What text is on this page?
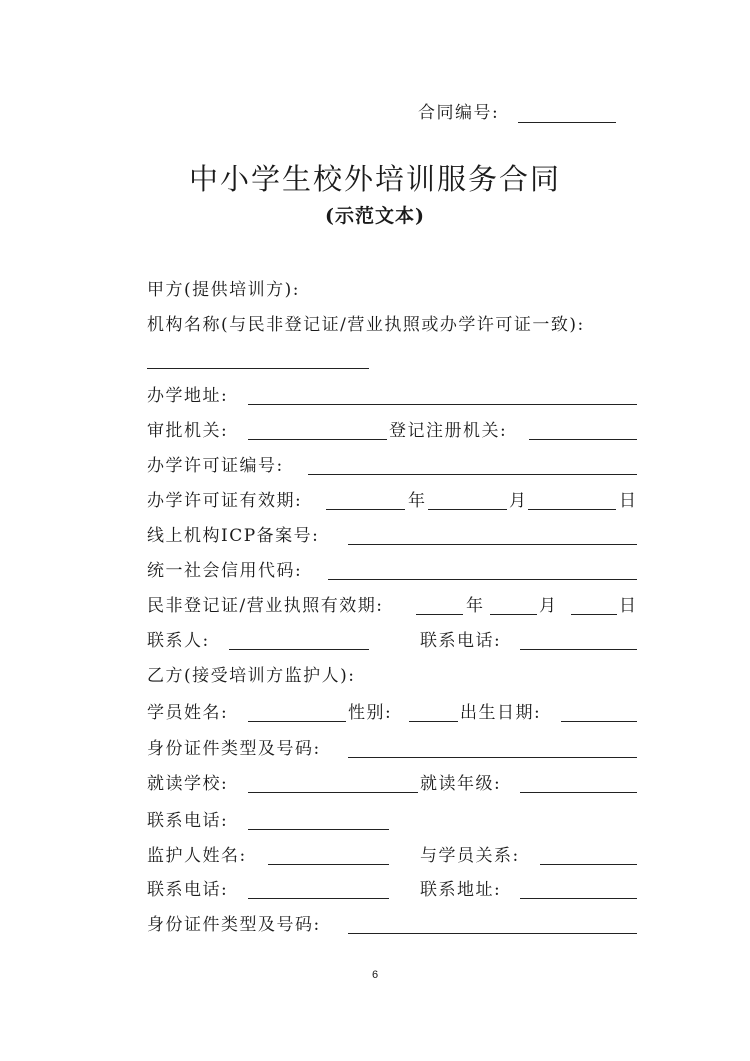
合同编号:
中小学生校外培训服务合同
(示范文本)
甲方(提供培训方):
机构名称(与民非登记证/营业执照或办学许可证一致):
办学地址:
审批机关:	登记注册机关:
办学许可证编号:
办学许可证有效期:	年	月	日
线上机构ICP备案号:
统一社会信用代码:
民非登记证/营业执照有效期:	年	月	日
联系人:	联系电话:
乙方(接受培训方监护人):
学员姓名:	性别:	出生日期:
身份证件类型及号码:
就读学校:	就读年级:
联系电话:
监护人姓名:	与学员关系:
联系电话:	联系地址:
身份证件类型及号码:
6
